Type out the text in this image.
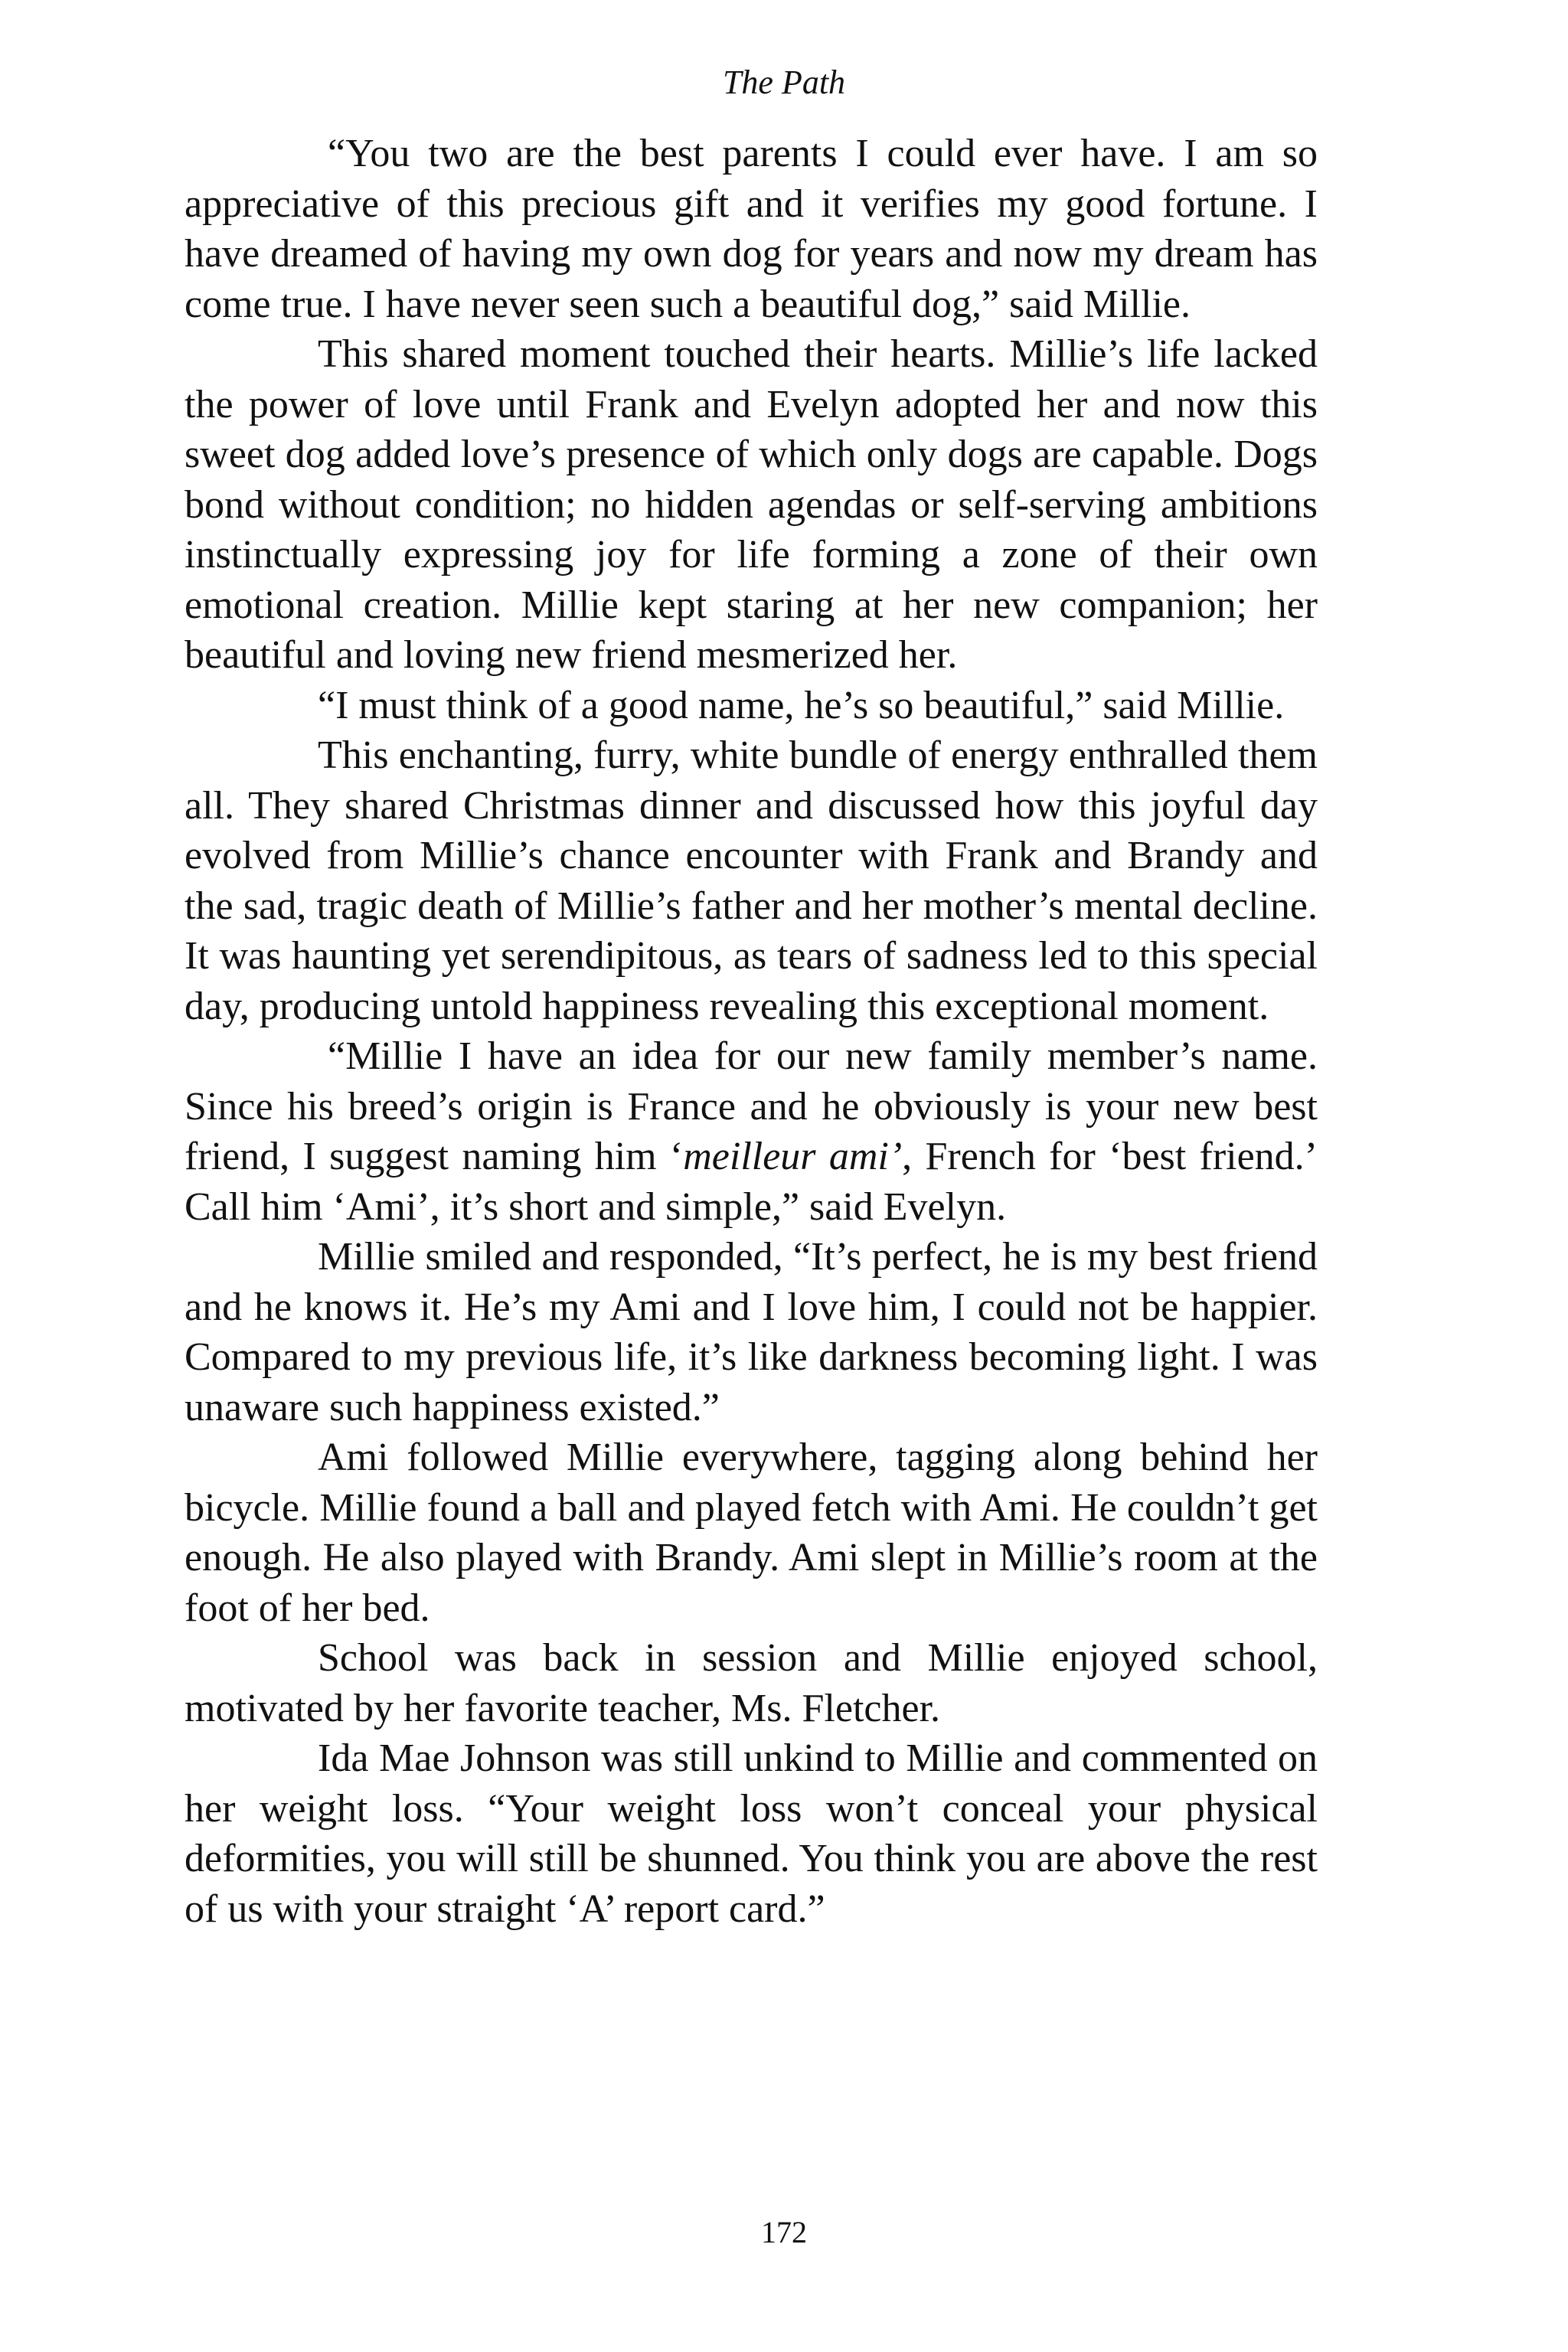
The Path

“You two are the best parents I could ever have. I am so appreciative of this precious gift and it verifies my good fortune. I have dreamed of having my own dog for years and now my dream has come true. I have never seen such a beautiful dog,” said Millie.

This shared moment touched their hearts. Millie’s life lacked the power of love until Frank and Evelyn adopted her and now this sweet dog added love’s presence of which only dogs are capable. Dogs bond without condition; no hidden agendas or self-serving ambitions instinctually expressing joy for life forming a zone of their own emotional creation. Millie kept staring at her new companion; her beautiful and loving new friend mesmerized her.

“I must think of a good name, he’s so beautiful,” said Millie.

This enchanting, furry, white bundle of energy enthralled them all. They shared Christmas dinner and discussed how this joyful day evolved from Millie’s chance encounter with Frank and Brandy and the sad, tragic death of Millie’s father and her mother’s mental decline. It was haunting yet serendipitous, as tears of sadness led to this special day, producing untold happiness revealing this exceptional moment.

“Millie I have an idea for our new family member’s name. Since his breed’s origin is France and he obviously is your new best friend, I suggest naming him ‘meilleur ami’, French for ‘best friend.’ Call him ‘Ami’, it’s short and simple,” said Evelyn.

Millie smiled and responded, “It’s perfect, he is my best friend and he knows it. He’s my Ami and I love him, I could not be happier. Compared to my previous life, it’s like darkness becoming light. I was unaware such happiness existed.”

Ami followed Millie everywhere, tagging along behind her bicycle. Millie found a ball and played fetch with Ami. He couldn’t get enough. He also played with Brandy. Ami slept in Millie’s room at the foot of her bed.

School was back in session and Millie enjoyed school, motivated by her favorite teacher, Ms. Fletcher.

Ida Mae Johnson was still unkind to Millie and commented on her weight loss. “Your weight loss won’t conceal your physical deformities, you will still be shunned. You think you are above the rest of us with your straight ‘A’ report card.”

172
